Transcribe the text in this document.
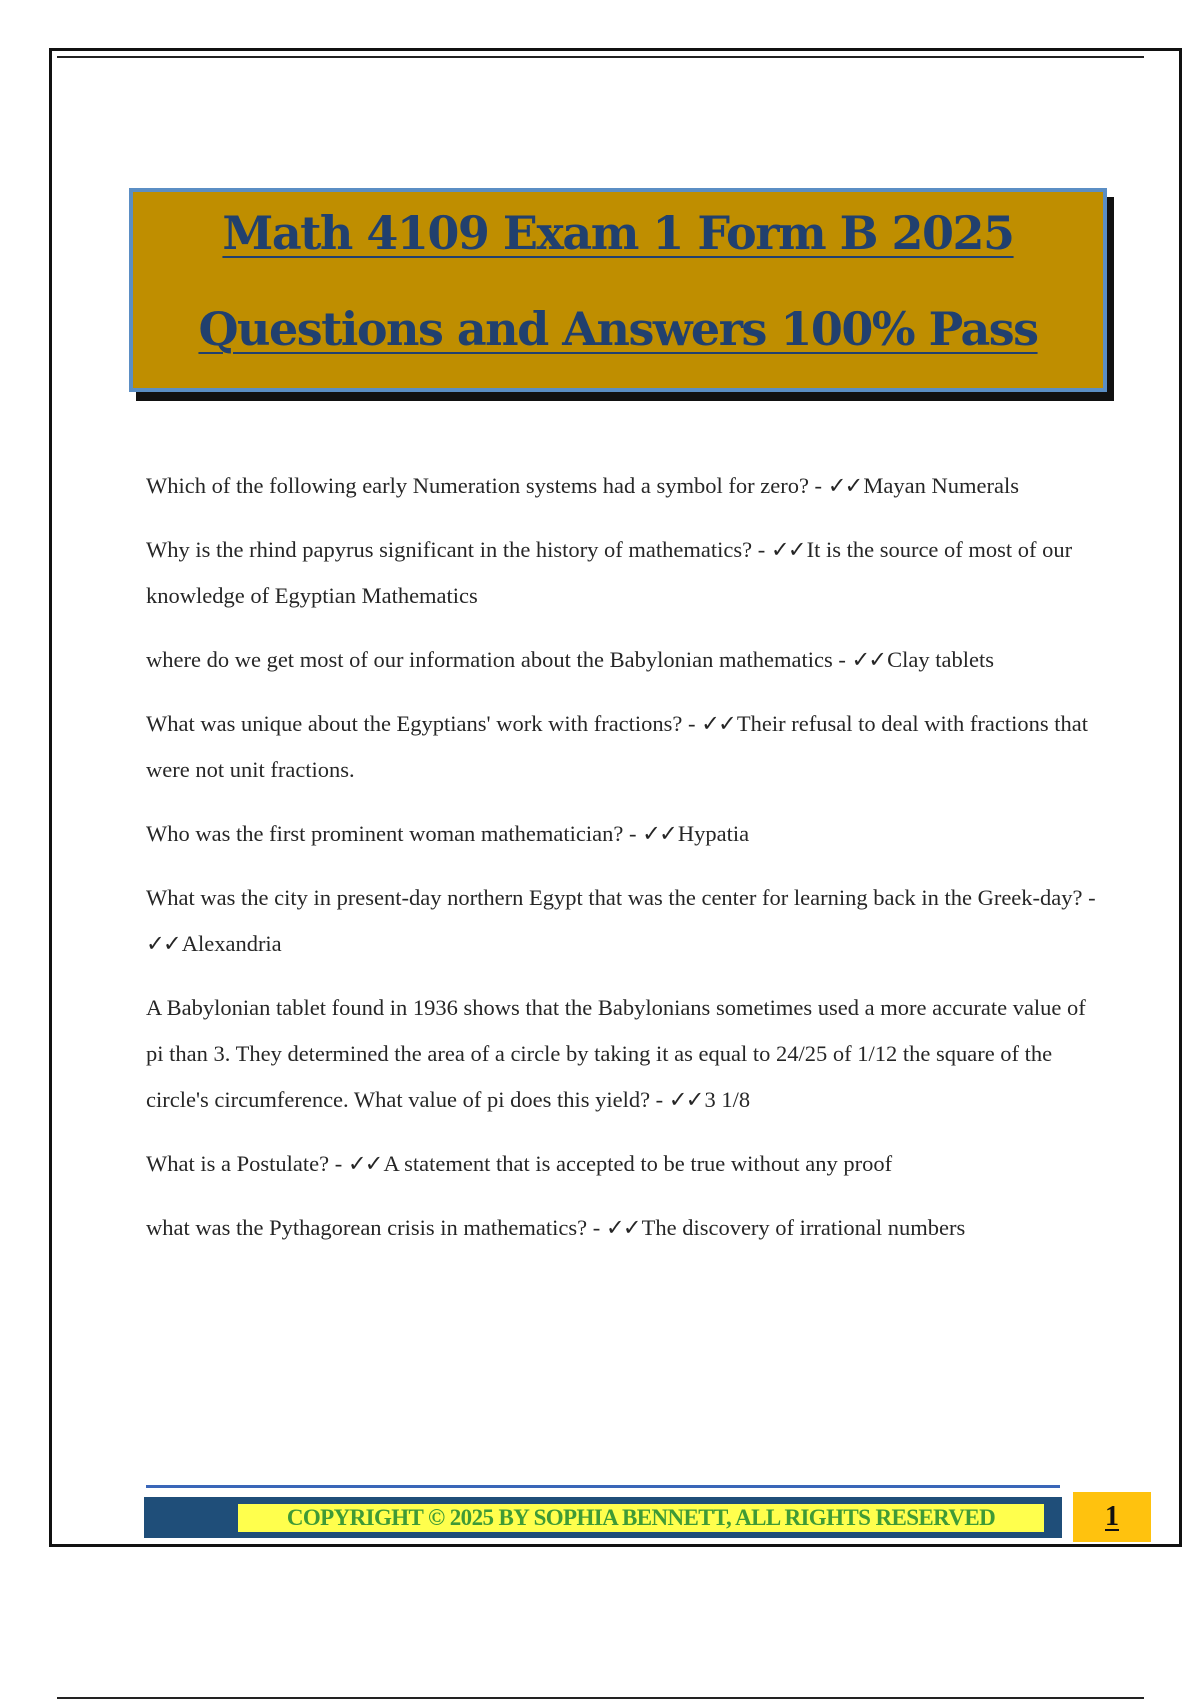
Math 4109 Exam 1 Form B 2025
Questions and Answers 100% Pass

Which of the following early Numeration systems had a symbol for zero? - ✓✓Mayan Numerals

Why is the rhind papyrus significant in the history of mathematics? - ✓✓It is the source of most of our knowledge of Egyptian Mathematics

where do we get most of our information about the Babylonian mathematics - ✓✓Clay tablets

What was unique about the Egyptians' work with fractions? - ✓✓Their refusal to deal with fractions that were not unit fractions.

Who was the first prominent woman mathematician? - ✓✓Hypatia

What was the city in present-day northern Egypt that was the center for learning back in the Greek-day? - ✓✓Alexandria

A Babylonian tablet found in 1936 shows that the Babylonians sometimes used a more accurate value of pi than 3. They determined the area of a circle by taking it as equal to 24/25 of 1/12 the square of the circle's circumference. What value of pi does this yield? - ✓✓3 1/8

What is a Postulate? - ✓✓A statement that is accepted to be true without any proof

what was the Pythagorean crisis in mathematics? - ✓✓The discovery of irrational numbers

COPYRIGHT © 2025 BY SOPHIA BENNETT, ALL RIGHTS RESERVED	1
